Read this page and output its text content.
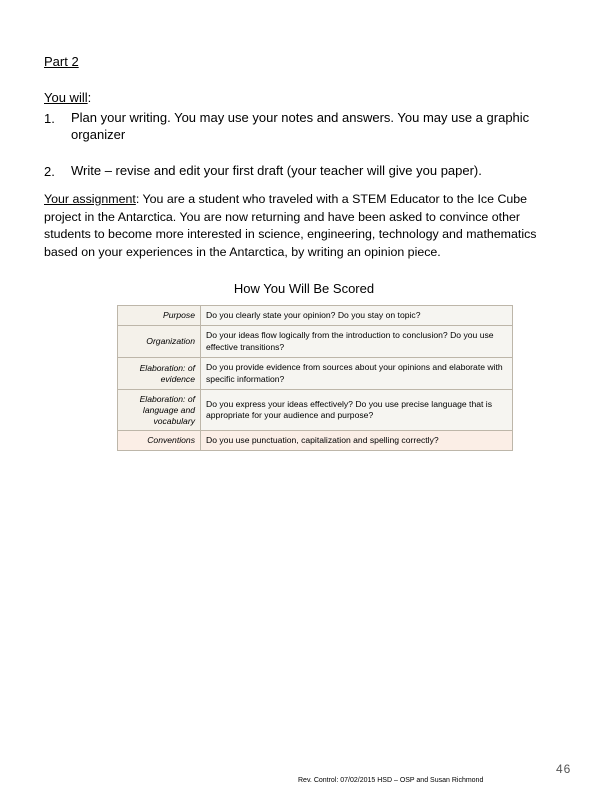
Part 2
You will:
1. Plan your writing. You may use your notes and answers. You may use a graphic organizer
2. Write – revise and edit your first draft (your teacher will give you paper).
Your assignment: You are a student who traveled with a STEM Educator to the Ice Cube project in the Antarctica. You are now returning and have been asked to convince other students to become more interested in science, engineering, technology and mathematics based on your experiences in the Antarctica, by writing an opinion piece.
How You Will Be Scored
Purpose	Do you clearly state your opinion? Do you stay on topic?
Organization	Do your ideas flow logically from the introduction to conclusion? Do you use effective transitions?
Elaboration: of evidence	Do you provide evidence from sources about your opinions and elaborate with specific information?
Elaboration: of language and vocabulary	Do you express your ideas effectively? Do you use precise language that is appropriate for your audience and purpose?
Conventions	Do you use punctuation, capitalization and spelling correctly?
Rev. Control: 07/02/2015 HSD – OSP and Susan Richmond
46
